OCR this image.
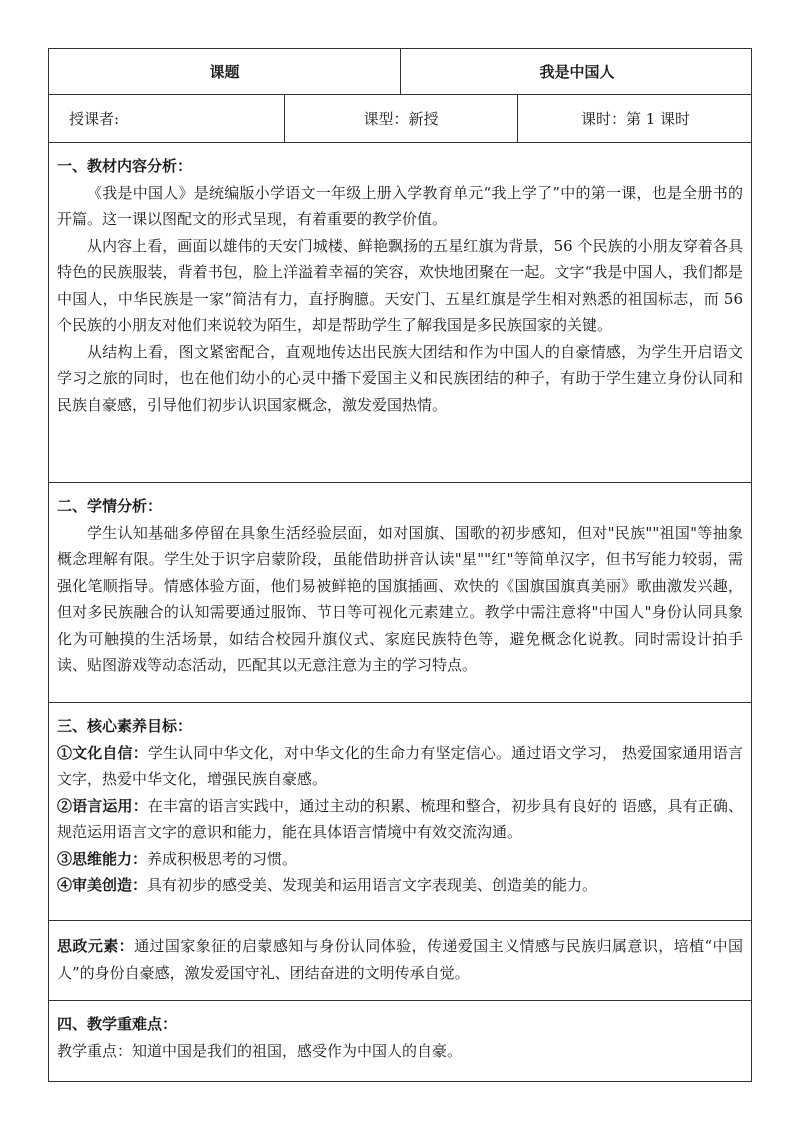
课题	我是中国人
授课者:	课型：新授	课时：第 1 课时
一、教材内容分析：

《我是中国人》是统编版小学语文一年级上册入学教育单元“我上学了”中的第一课，也是全册书的开篇。这一课以图配文的形式呈现，有着重要的教学价值。

从内容上看，画面以雄伟的天安门城楼、鲜艳飘扬的五星红旗为背景，56 个民族的小朋友穿着各具特色的民族服装，背着书包，脸上洋溢着幸福的笑容，欢快地团聚在一起。文字“我是中国人，我们都是中国人，中华民族是一家”简洁有力，直抒胸臆。天安门、五星红旗是学生相对熟悉的祖国标志，而 56 个民族的小朋友对他们来说较为陌生，却是帮助学生了解我国是多民族国家的关键。

从结构上看，图文紧密配合，直观地传达出民族大团结和作为中国人的自豪情感，为学生开启语文学习之旅的同时，也在他们幼小的心灵中播下爱国主义和民族团结的种子，有助于学生建立身份认同和民族自豪感，引导他们初步认识国家概念，激发爱国热情。

二、学情分析：

学生认知基础多停留在具象生活经验层面，如对国旗、国歌的初步感知，但对"民族""祖国"等抽象概念理解有限。学生处于识字启蒙阶段，虽能借助拼音认读"星""红"等简单汉字，但书写能力较弱，需强化笔顺指导。情感体验方面，他们易被鲜艳的国旗插画、欢快的《国旗国旗真美丽》歌曲激发兴趣，但对多民族融合的认知需要通过服饰、节日等可视化元素建立。教学中需注意将"中国人"身份认同具象化为可触摸的生活场景，如结合校园升旗仪式、家庭民族特色等，避免概念化说教。同时需设计拍手读、贴图游戏等动态活动，匹配其以无意注意为主的学习特点。

三、核心素养目标：

①文化自信：学生认同中华文化，对中华文化的生命力有坚定信心。通过语文学习， 热爱国家通用语言文字，热爱中华文化，增强民族自豪感。

②语言运用：在丰富的语言实践中，通过主动的积累、梳理和整合，初步具有良好的 语感，具有正确、规范运用语言文字的意识和能力，能在具体语言情境中有效交流沟通。

③思维能力：养成积极思考的习惯。

④审美创造：具有初步的感受美、发现美和运用语言文字表现美、创造美的能力。

思政元素：通过国家象征的启蒙感知与身份认同体验，传递爱国主义情感与民族归属意识，培植“中国人”的身份自豪感，激发爱国守礼、团结奋进的文明传承自觉。

四、教学重难点：

教学重点：知道中国是我们的祖国，感受作为中国人的自豪。
